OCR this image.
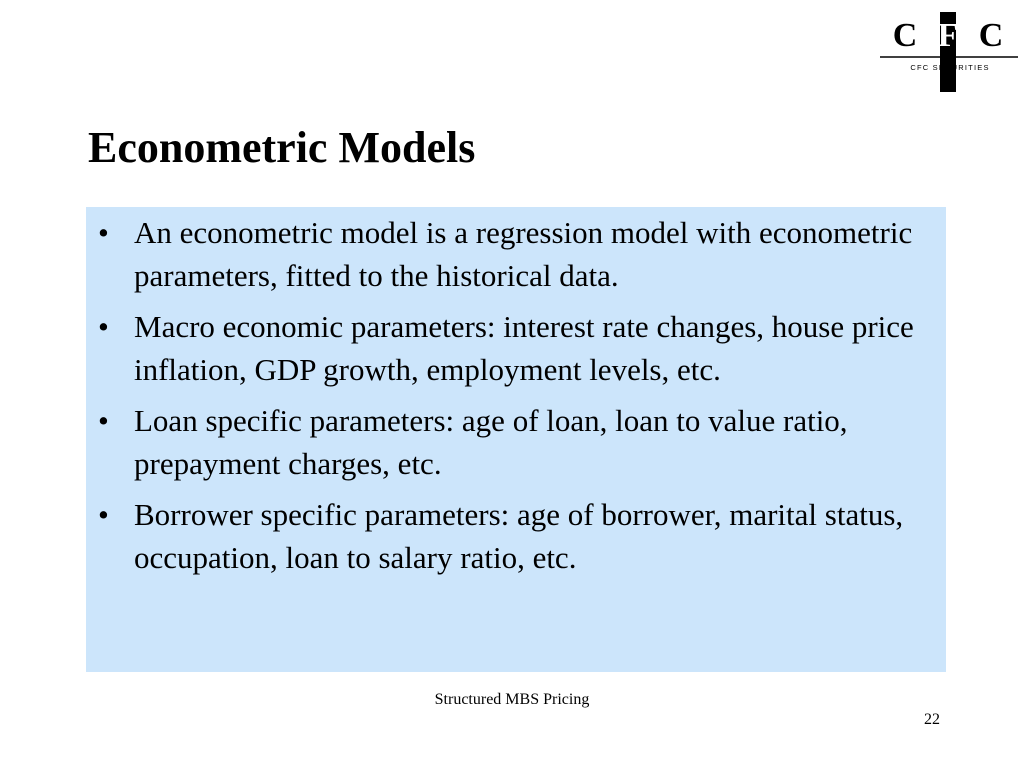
C F C
CFC SECURITIES
Econometric Models
• An econometric model is a regression model with econometric parameters, fitted to the historical data.
• Macro economic parameters: interest rate changes, house price inflation, GDP growth, employment levels, etc.
• Loan specific parameters: age of loan, loan to value ratio, prepayment charges, etc.
• Borrower specific parameters: age of borrower, marital status, occupation, loan to salary ratio, etc.
Structured MBS Pricing
22
